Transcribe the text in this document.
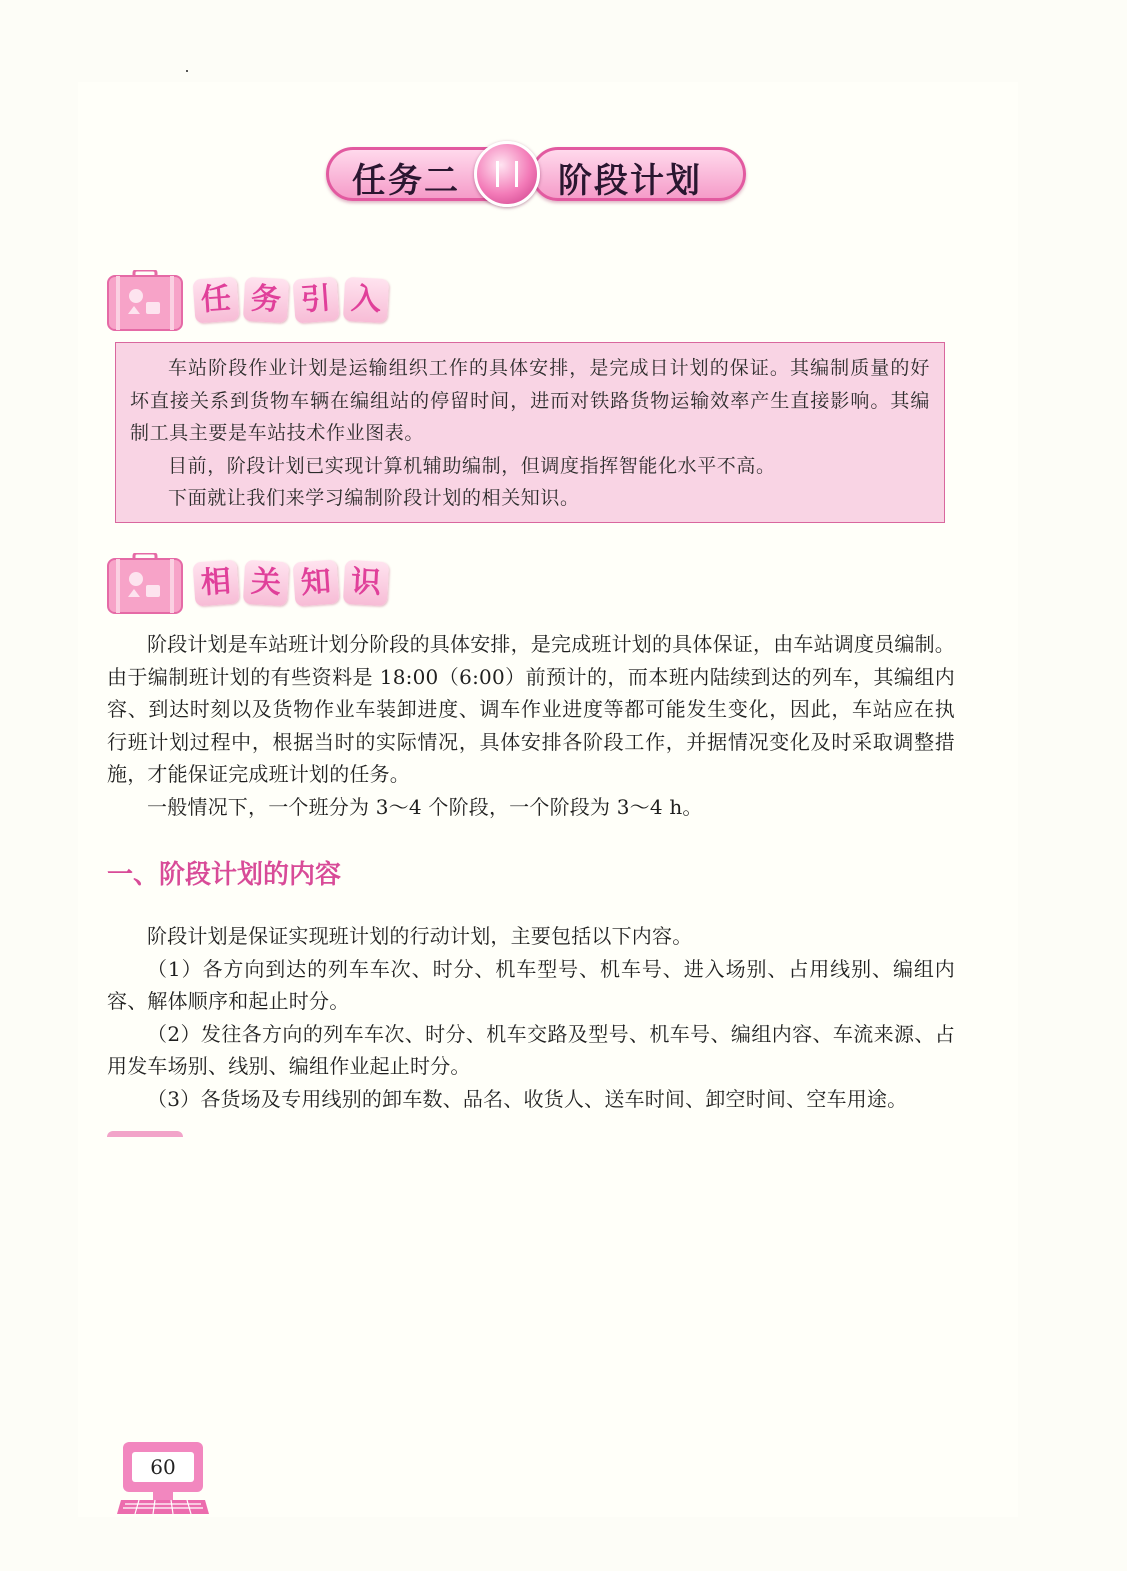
任务二	阶段计划
任 务 引 入

车站阶段作业计划是运输组织工作的具体安排，是完成日计划的保证。其编制质量的好坏直接关系到货物车辆在编组站的停留时间，进而对铁路货物运输效率产生直接影响。其编制工具主要是车站技术作业图表。

目前，阶段计划已实现计算机辅助编制，但调度指挥智能化水平不高。

下面就让我们来学习编制阶段计划的相关知识。

相 关 知 识

阶段计划是车站班计划分阶段的具体安排，是完成班计划的具体保证，由车站调度员编制。由于编制班计划的有些资料是 18:00（6:00）前预计的，而本班内陆续到达的列车，其编组内容、到达时刻以及货物作业车装卸进度、调车作业进度等都可能发生变化，因此，车站应在执行班计划过程中，根据当时的实际情况，具体安排各阶段工作，并据情况变化及时采取调整措施，才能保证完成班计划的任务。

一般情况下，一个班分为 3～4 个阶段，一个阶段为 3～4 h。

一、阶段计划的内容

阶段计划是保证实现班计划的行动计划，主要包括以下内容。

（1）各方向到达的列车车次、时分、机车型号、机车号、进入场别、占用线别、编组内容、解体顺序和起止时分。

（2）发往各方向的列车车次、时分、机车交路及型号、机车号、编组内容、车流来源、占用发车场别、线别、编组作业起止时分。

（3）各货场及专用线别的卸车数、品名、收货人、送车时间、卸空时间、空车用途。

60
